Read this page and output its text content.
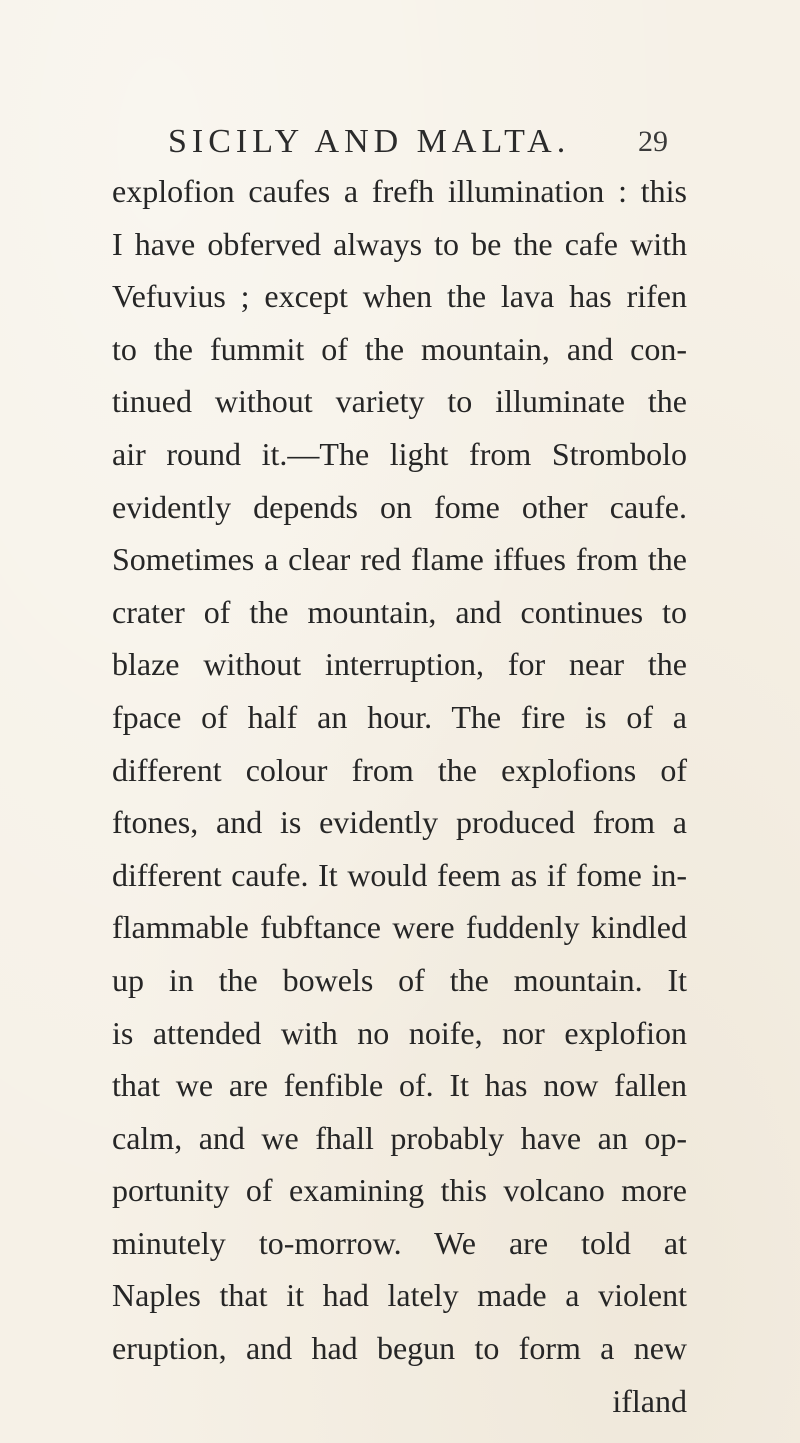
SICILY AND MALTA. 29
explofion caufes a frefh illumination : this
I have obferved always to be the cafe with
Vefuvius ; except when the lava has rifen
to the fummit of the mountain, and con-
tinued without variety to illuminate the
air round it.—The light from Strombolo
evidently depends on fome other caufe.
Sometimes a clear red flame iffues from the
crater of the mountain, and continues to
blaze without interruption, for near the
fpace of half an hour. The fire is of a
different colour from the explofions of
ftones, and is evidently produced from a
different caufe. It would feem as if fome in-
flammable fubftance were fuddenly kindled
up in the bowels of the mountain. It
is attended with no noife, nor explofion
that we are fenfible of. It has now fallen
calm, and we fhall probably have an op-
portunity of examining this volcano more
minutely to-morrow. We are told at
Naples that it had lately made a violent
eruption, and had begun to form a new
ifland
